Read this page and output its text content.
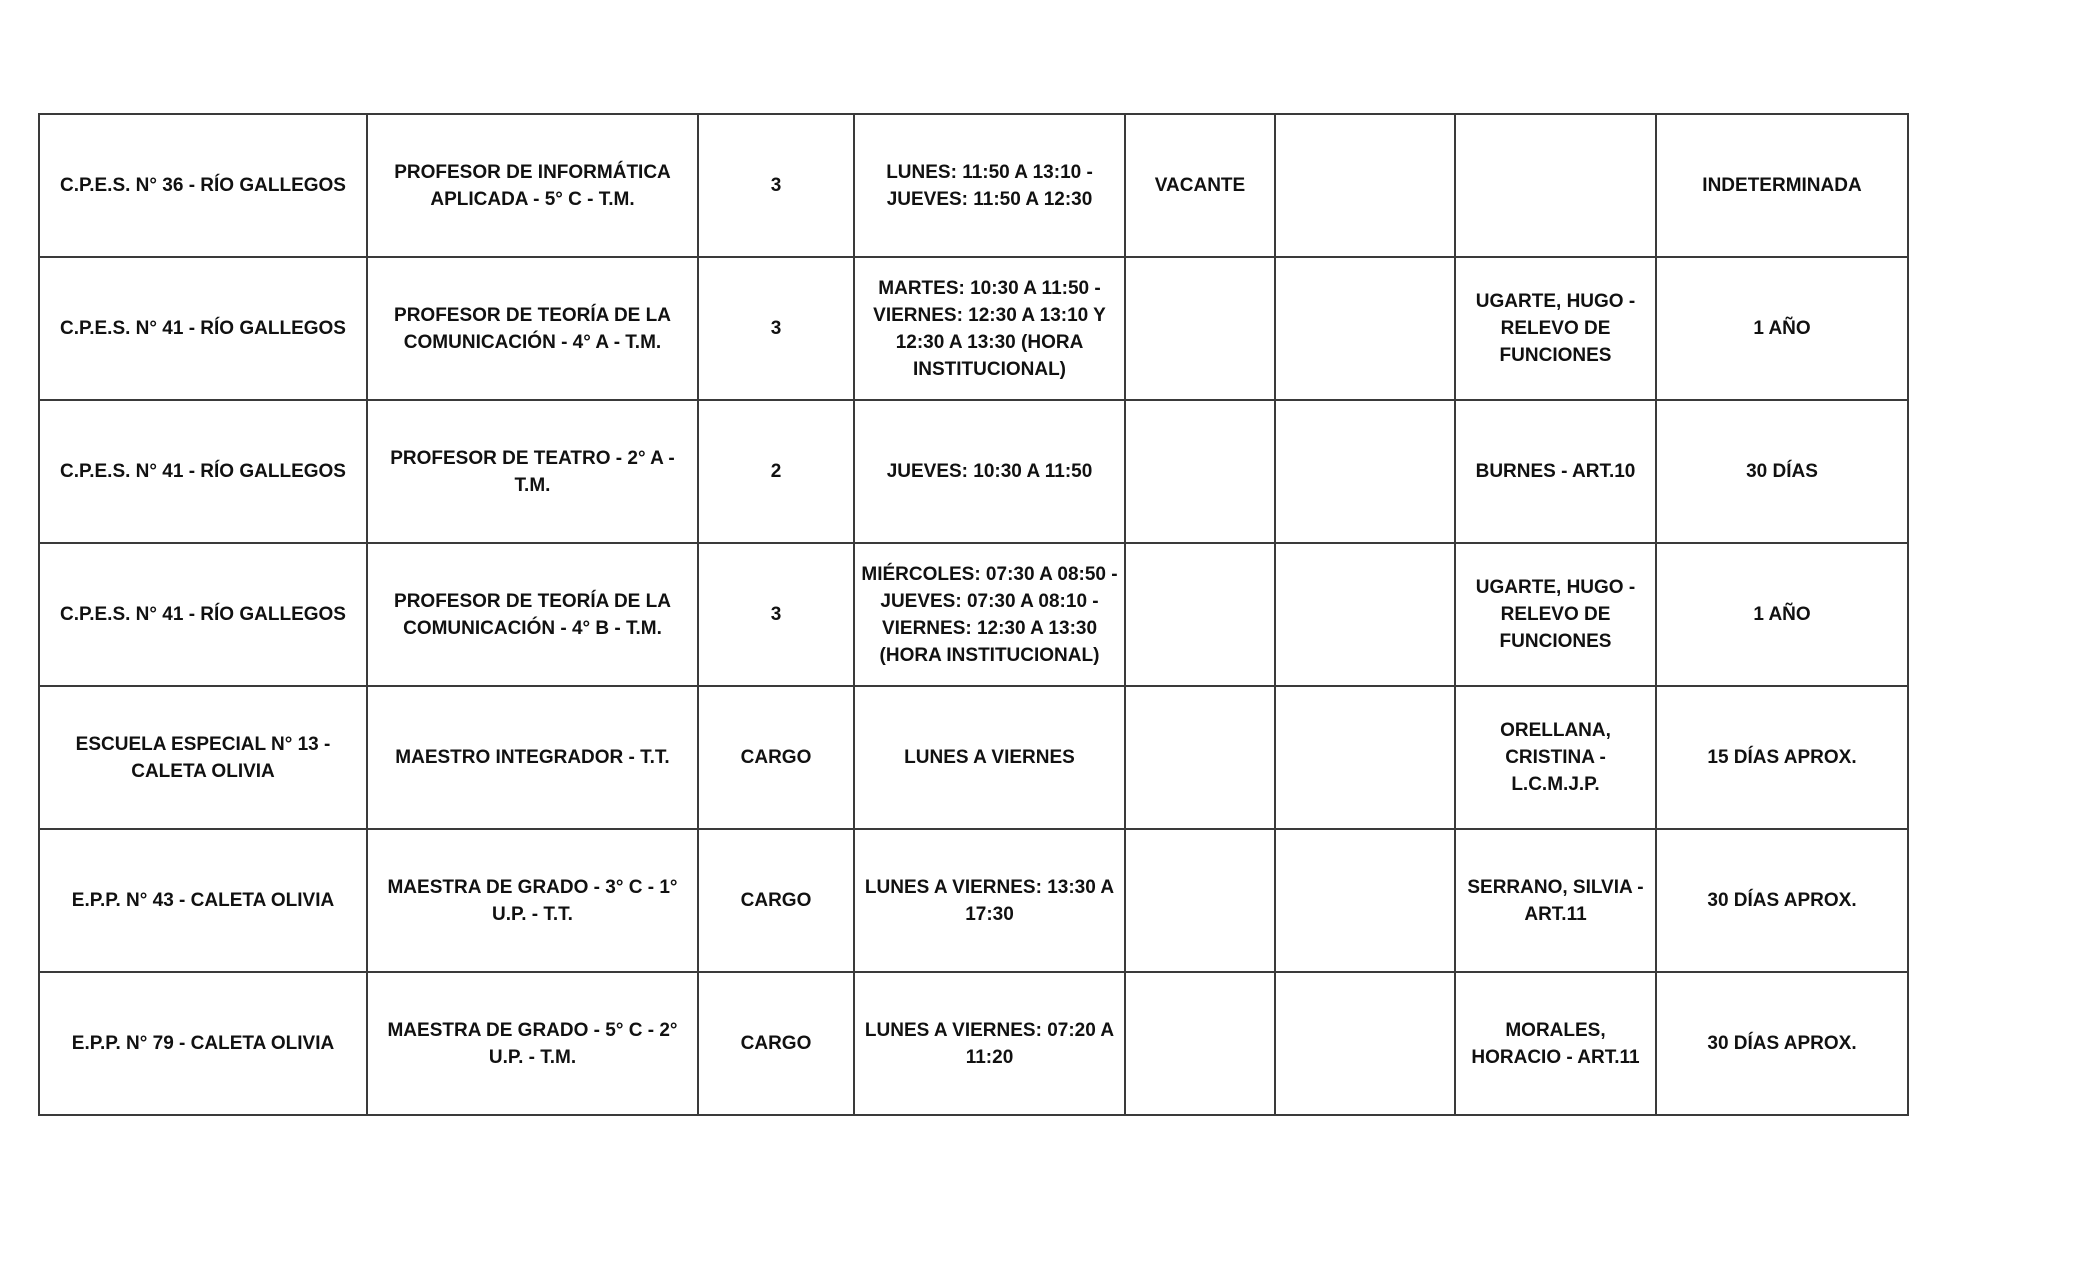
C.P.E.S. N° 36 - RÍO GALLEGOS	PROFESOR DE INFORMÁTICA APLICADA - 5° C - T.M.	3	LUNES: 11:50 A 13:10 - JUEVES: 11:50 A 12:30	VACANTE			INDETERMINADA
C.P.E.S. N° 41 - RÍO GALLEGOS	PROFESOR DE TEORÍA DE LA COMUNICACIÓN - 4° A - T.M.	3	MARTES: 10:30 A 11:50 - VIERNES: 12:30 A 13:10 Y 12:30 A 13:30 (HORA INSTITUCIONAL)			UGARTE, HUGO - RELEVO DE FUNCIONES	1 AÑO
C.P.E.S. N° 41 - RÍO GALLEGOS	PROFESOR DE TEATRO - 2° A - T.M.	2	JUEVES: 10:30 A 11:50			BURNES - ART.10	30 DÍAS
C.P.E.S. N° 41 - RÍO GALLEGOS	PROFESOR DE TEORÍA DE LA COMUNICACIÓN - 4° B - T.M.	3	MIÉRCOLES: 07:30 A 08:50 - JUEVES: 07:30 A 08:10 - VIERNES: 12:30 A 13:30 (HORA INSTITUCIONAL)			UGARTE, HUGO - RELEVO DE FUNCIONES	1 AÑO
ESCUELA ESPECIAL N° 13 - CALETA OLIVIA	MAESTRO INTEGRADOR - T.T.	CARGO	LUNES A VIERNES			ORELLANA, CRISTINA - L.C.M.J.P.	15 DÍAS APROX.
E.P.P. N° 43 - CALETA OLIVIA	MAESTRA DE GRADO - 3° C - 1° U.P. - T.T.	CARGO	LUNES A VIERNES: 13:30 A 17:30			SERRANO, SILVIA - ART.11	30 DÍAS APROX.
E.P.P. N° 79 - CALETA OLIVIA	MAESTRA DE GRADO - 5° C - 2° U.P. - T.M.	CARGO	LUNES A VIERNES: 07:20 A 11:20			MORALES, HORACIO - ART.11	30 DÍAS APROX.
